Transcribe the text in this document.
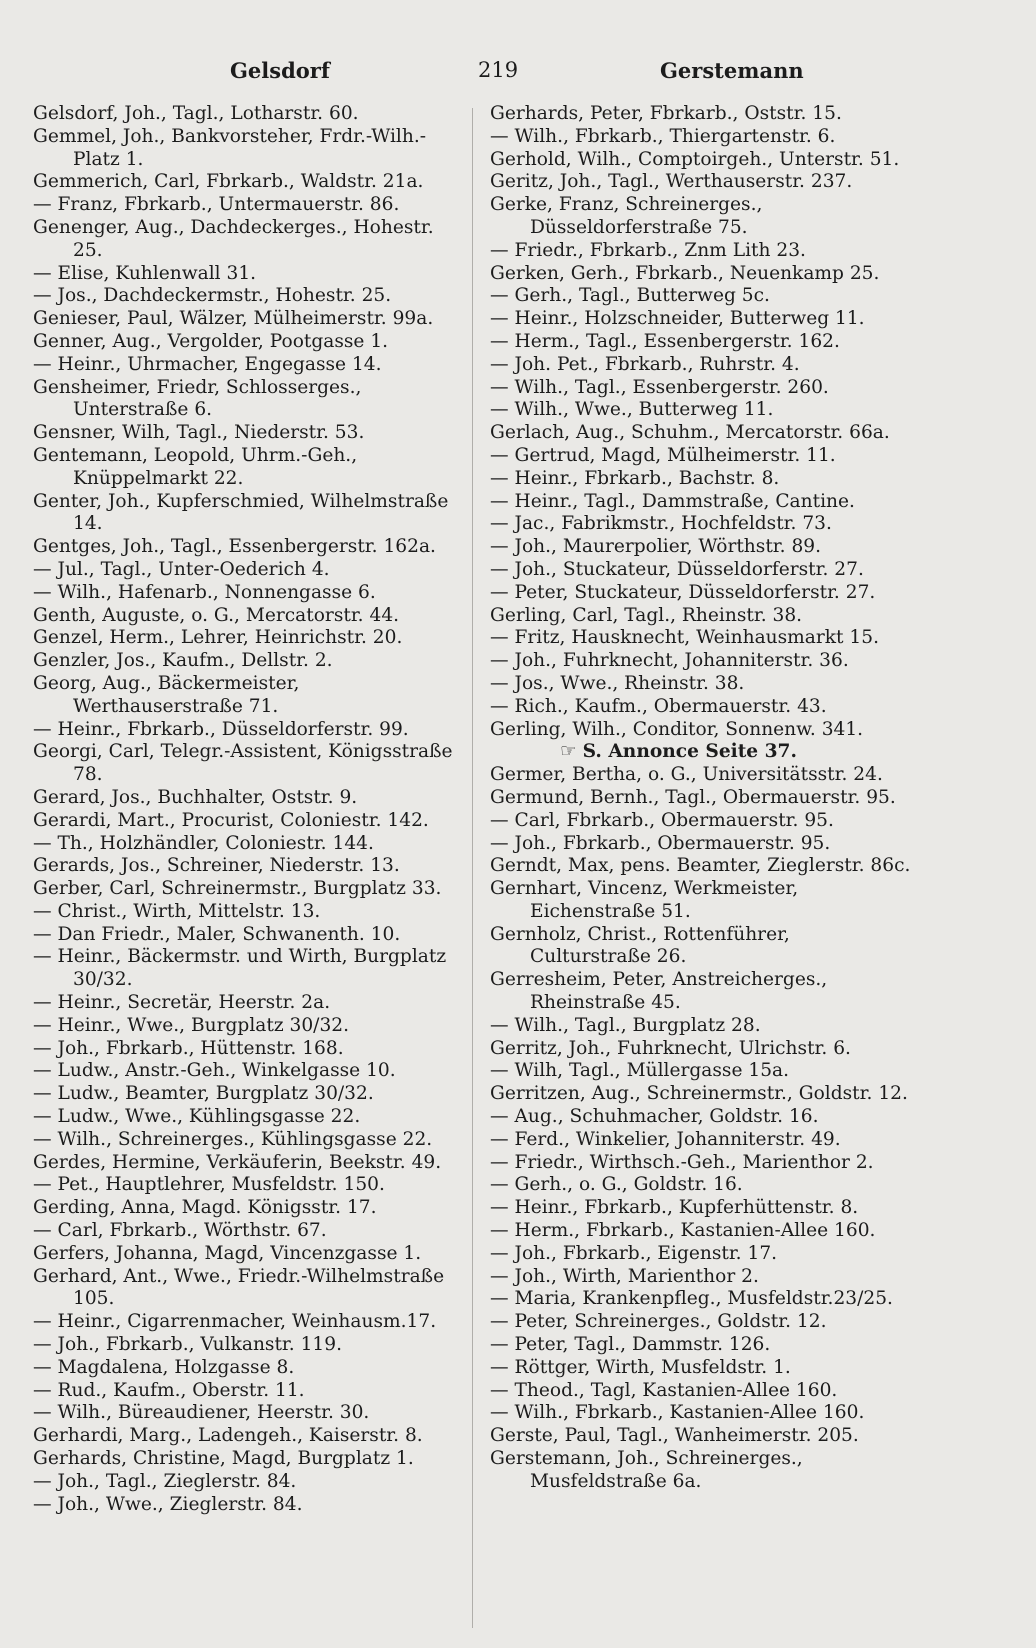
Gelsdorf	219	Gerstemann

Gelsdorf, Joh., Tagl., Lotharstr. 60.

Gemmel, Joh., Bankvorsteher, Frdr.-Wilh.-Platz 1.

Gemmerich, Carl, Fbrkarb., Waldstr. 21a.

— Franz, Fbrkarb., Untermauerstr. 86.

Genenger, Aug., Dachdeckerges., Hohestr. 25.

— Elise, Kuhlenwall 31.

— Jos., Dachdeckermstr., Hohestr. 25.

Genieser, Paul, Wälzer, Mülheimerstr. 99a.

Genner, Aug., Vergolder, Pootgasse 1.

— Heinr., Uhrmacher, Engegasse 14.

Gensheimer, Friedr, Schlosserges., Unterstraße 6.

Gensner, Wilh, Tagl., Niederstr. 53.

Gentemann, Leopold, Uhrm.-Geh., Knüppelmarkt 22.

Genter, Joh., Kupferschmied, Wilhelmstraße 14.

Gentges, Joh., Tagl., Essenbergerstr. 162a.

— Jul., Tagl., Unter-Oederich 4.

— Wilh., Hafenarb., Nonnengasse 6.

Genth, Auguste, o. G., Mercatorstr. 44.

Genzel, Herm., Lehrer, Heinrichstr. 20.

Genzler, Jos., Kaufm., Dellstr. 2.

Georg, Aug., Bäckermeister, Werthauserstraße 71.

— Heinr., Fbrkarb., Düsseldorferstr. 99.

Georgi, Carl, Telegr.-Assistent, Königsstraße 78.

Gerard, Jos., Buchhalter, Oststr. 9.

Gerardi, Mart., Procurist, Coloniestr. 142.

— Th., Holzhändler, Coloniestr. 144.

Gerards, Jos., Schreiner, Niederstr. 13.

Gerber, Carl, Schreinermstr., Burgplatz 33.

— Christ., Wirth, Mittelstr. 13.

— Dan Friedr., Maler, Schwanenth. 10.

— Heinr., Bäckermstr. und Wirth, Burgplatz 30/32.

— Heinr., Secretär, Heerstr. 2a.

— Heinr., Wwe., Burgplatz 30/32.

— Joh., Fbrkarb., Hüttenstr. 168.

— Ludw., Anstr.-Geh., Winkelgasse 10.

— Ludw., Beamter, Burgplatz 30/32.

— Ludw., Wwe., Kühlingsgasse 22.

— Wilh., Schreinerges., Kühlingsgasse 22.

Gerdes, Hermine, Verkäuferin, Beekstr. 49.

— Pet., Hauptlehrer, Musfeldstr. 150.

Gerding, Anna, Magd. Königsstr. 17.

— Carl, Fbrkarb., Wörthstr. 67.

Gerfers, Johanna, Magd, Vincenzgasse 1.

Gerhard, Ant., Wwe., Friedr.-Wilhelmstraße 105.

— Heinr., Cigarrenmacher, Weinhausm.17.

— Joh., Fbrkarb., Vulkanstr. 119.

— Magdalena, Holzgasse 8.

— Rud., Kaufm., Oberstr. 11.

— Wilh., Büreaudiener, Heerstr. 30.

Gerhardi, Marg., Ladengeh., Kaiserstr. 8.

Gerhards, Christine, Magd, Burgplatz 1.

— Joh., Tagl., Zieglerstr. 84.

— Joh., Wwe., Zieglerstr. 84.

Gerhards, Peter, Fbrkarb., Oststr. 15.

— Wilh., Fbrkarb., Thiergartenstr. 6.

Gerhold, Wilh., Comptoirgeh., Unterstr. 51.

Geritz, Joh., Tagl., Werthauserstr. 237.

Gerke, Franz, Schreinerges., Düsseldorferstraße 75.

— Friedr., Fbrkarb., Znm Lith 23.

Gerken, Gerh., Fbrkarb., Neuenkamp 25.

— Gerh., Tagl., Butterweg 5c.

— Heinr., Holzschneider, Butterweg 11.

— Herm., Tagl., Essenbergerstr. 162.

— Joh. Pet., Fbrkarb., Ruhrstr. 4.

— Wilh., Tagl., Essenbergerstr. 260.

— Wilh., Wwe., Butterweg 11.

Gerlach, Aug., Schuhm., Mercatorstr. 66a.

— Gertrud, Magd, Mülheimerstr. 11.

— Heinr., Fbrkarb., Bachstr. 8.

— Heinr., Tagl., Dammstraße, Cantine.

— Jac., Fabrikmstr., Hochfeldstr. 73.

— Joh., Maurerpolier, Wörthstr. 89.

— Joh., Stuckateur, Düsseldorferstr. 27.

— Peter, Stuckateur, Düsseldorferstr. 27.

Gerling, Carl, Tagl., Rheinstr. 38.

— Fritz, Hausknecht, Weinhausmarkt 15.

— Joh., Fuhrknecht, Johanniterstr. 36.

— Jos., Wwe., Rheinstr. 38.

— Rich., Kaufm., Obermauerstr. 43.

Gerling, Wilh., Conditor, Sonnenw. 341.

☞ S. Annonce Seite 37.

Germer, Bertha, o. G., Universitätsstr. 24.

Germund, Bernh., Tagl., Obermauerstr. 95.

— Carl, Fbrkarb., Obermauerstr. 95.

— Joh., Fbrkarb., Obermauerstr. 95.

Gerndt, Max, pens. Beamter, Zieglerstr. 86c.

Gernhart, Vincenz, Werkmeister, Eichenstraße 51.

Gernholz, Christ., Rottenführer, Culturstraße 26.

Gerresheim, Peter, Anstreicherges., Rheinstraße 45.

— Wilh., Tagl., Burgplatz 28.

Gerritz, Joh., Fuhrknecht, Ulrichstr. 6.

— Wilh, Tagl., Müllergasse 15a.

Gerritzen, Aug., Schreinermstr., Goldstr. 12.

— Aug., Schuhmacher, Goldstr. 16.

— Ferd., Winkelier, Johanniterstr. 49.

— Friedr., Wirthsch.-Geh., Marienthor 2.

— Gerh., o. G., Goldstr. 16.

— Heinr., Fbrkarb., Kupferhüttenstr. 8.

— Herm., Fbrkarb., Kastanien-Allee 160.

— Joh., Fbrkarb., Eigenstr. 17.

— Joh., Wirth, Marienthor 2.

— Maria, Krankenpfleg., Musfeldstr.23/25.

— Peter, Schreinerges., Goldstr. 12.

— Peter, Tagl., Dammstr. 126.

— Röttger, Wirth, Musfeldstr. 1.

— Theod., Tagl, Kastanien-Allee 160.

— Wilh., Fbrkarb., Kastanien-Allee 160.

Gerste, Paul, Tagl., Wanheimerstr. 205.

Gerstemann, Joh., Schreinerges., Musfeldstraße 6a.
